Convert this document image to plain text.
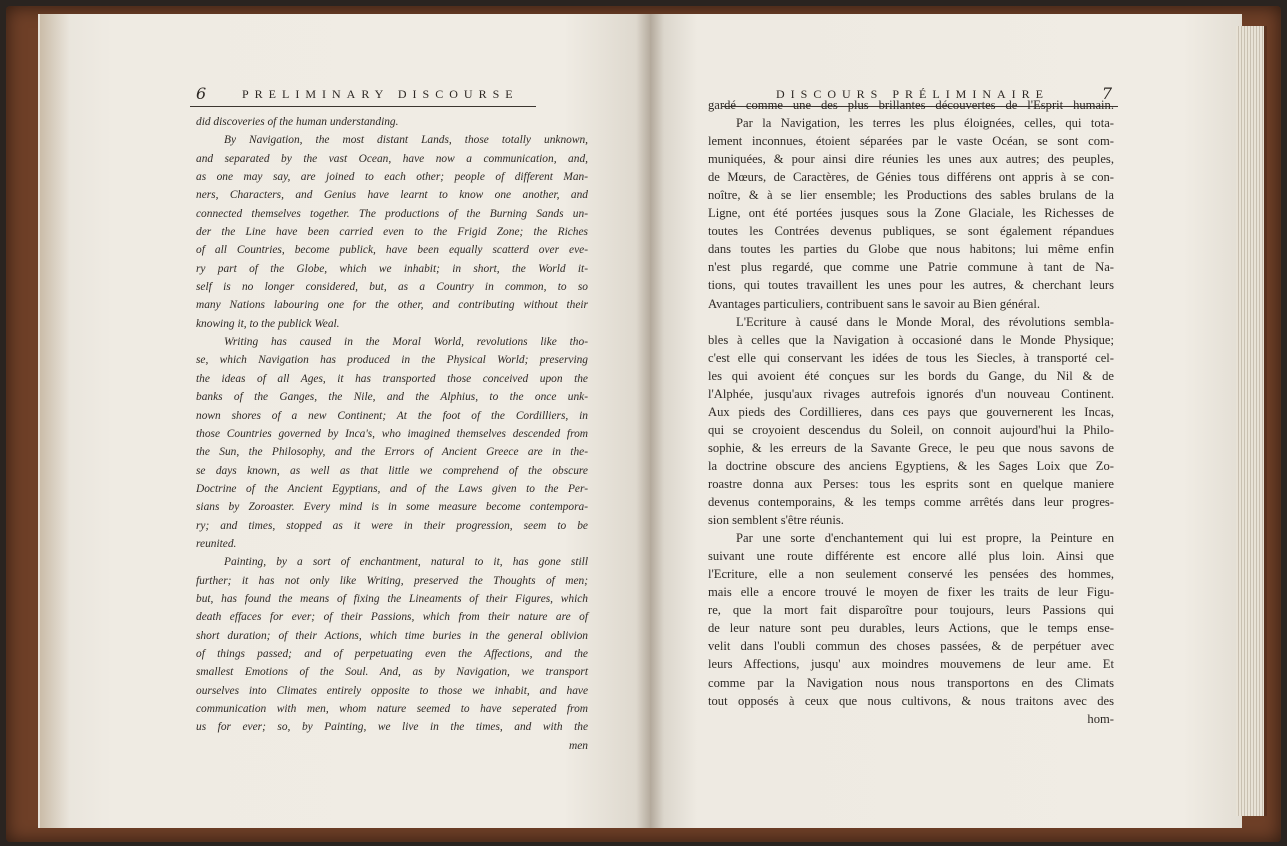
6	PRELIMINARY DISCOURSE	DISCOURS PRÉLIMINAIRE	7
did discoveries of the human understanding.
By Navigation, the most distant Lands, those totally unknown,
and separated by the vast Ocean, have now a communication, and,
as one may say, are joined to each other; people of different Man-
ners, Characters, and Genius have learnt to know one another, and
connected themselves together. The productions of the Burning Sands un-
der the Line have been carried even to the Frigid Zone; the Riches
of all Countries, become publick, have been equally scatterd over eve-
ry part of the Globe, which we inhabit; in short, the World it-
self is no longer considered, but, as a Country in common, to so
many Nations labouring one for the other, and contributing without their
knowing it, to the publick Weal.
Writing has caused in the Moral World, revolutions like tho-
se, which Navigation has produced in the Physical World; preserving
the ideas of all Ages, it has transported those conceived upon the
banks of the Ganges, the Nile, and the Alphius, to the once unk-
nown shores of a new Continent; At the foot of the Cordilliers, in
those Countries governed by Inca's, who imagined themselves descended from
the Sun, the Philosophy, and the Errors of Ancient Greece are in the-
se days known, as well as that little we comprehend of the obscure
Doctrine of the Ancient Egyptians, and of the Laws given to the Per-
sians by Zoroaster. Every mind is in some measure become contempora-
ry; and times, stopped as it were in their progression, seem to be
reunited.
Painting, by a sort of enchantment, natural to it, has gone still
further; it has not only like Writing, preserved the Thoughts of men;
but, has found the means of fixing the Lineaments of their Figures, which
death effaces for ever; of their Passions, which from their nature are of
short duration; of their Actions, which time buries in the general oblivion
of things passed; and of perpetuating even the Affections, and the
smallest Emotions of the Soul. And, as by Navigation, we transport
ourselves into Climates entirely opposite to those we inhabit, and have
communication with men, whom nature seemed to have seperated from
us for ever; so, by Painting, we live in the times, and with the
men
gardé comme une des plus brillantes découvertes de l'Esprit humain.
Par la Navigation, les terres les plus éloignées, celles, qui tota-
lement inconnues, étoient séparées par le vaste Océan, se sont com-
muniquées, & pour ainsi dire réunies les unes aux autres; des peuples,
de Mœurs, de Caractères, de Génies tous différens ont appris à se con-
noître, & à se lier ensemble; les Productions des sables brulans de la
Ligne, ont été portées jusques sous la Zone Glaciale, les Richesses de
toutes les Contrées devenus publiques, se sont également répandues
dans toutes les parties du Globe que nous habitons; lui même enfin
n'est plus regardé, que comme une Patrie commune à tant de Na-
tions, qui toutes travaillent les unes pour les autres, & cherchant leurs
Avantages particuliers, contribuent sans le savoir au Bien général.
L'Ecriture à causé dans le Monde Moral, des révolutions sembla-
bles à celles que la Navigation à occasioné dans le Monde Physique;
c'est elle qui conservant les idées de tous les Siecles, à transporté cel-
les qui avoient été conçues sur les bords du Gange, du Nil & de
l'Alphée, jusqu'aux rivages autrefois ignorés d'un nouveau Continent.
Aux pieds des Cordillieres, dans ces pays que gouvernerent les Incas,
qui se croyoient descendus du Soleil, on connoit aujourd'hui la Philo-
sophie, & les erreurs de la Savante Grece, le peu que nous savons de
la doctrine obscure des anciens Egyptiens, & les Sages Loix que Zo-
roastre donna aux Perses: tous les esprits sont en quelque maniere
devenus contemporains, & les temps comme arrêtés dans leur progres-
sion semblent s'être réunis.
Par une sorte d'enchantement qui lui est propre, la Peinture en
suivant une route différente est encore allé plus loin. Ainsi que
l'Ecriture, elle a non seulement conservé les pensées des hommes,
mais elle a encore trouvé le moyen de fixer les traits de leur Figu-
re, que la mort fait disparoître pour toujours, leurs Passions qui
de leur nature sont peu durables, leurs Actions, que le temps ense-
velit dans l'oubli commun des choses passées, & de perpétuer avec
leurs Affections, jusqu' aux moindres mouvemens de leur ame. Et
comme par la Navigation nous nous transportons en des Climats
tout opposés à ceux que nous cultivons, & nous traitons avec des
hom-
